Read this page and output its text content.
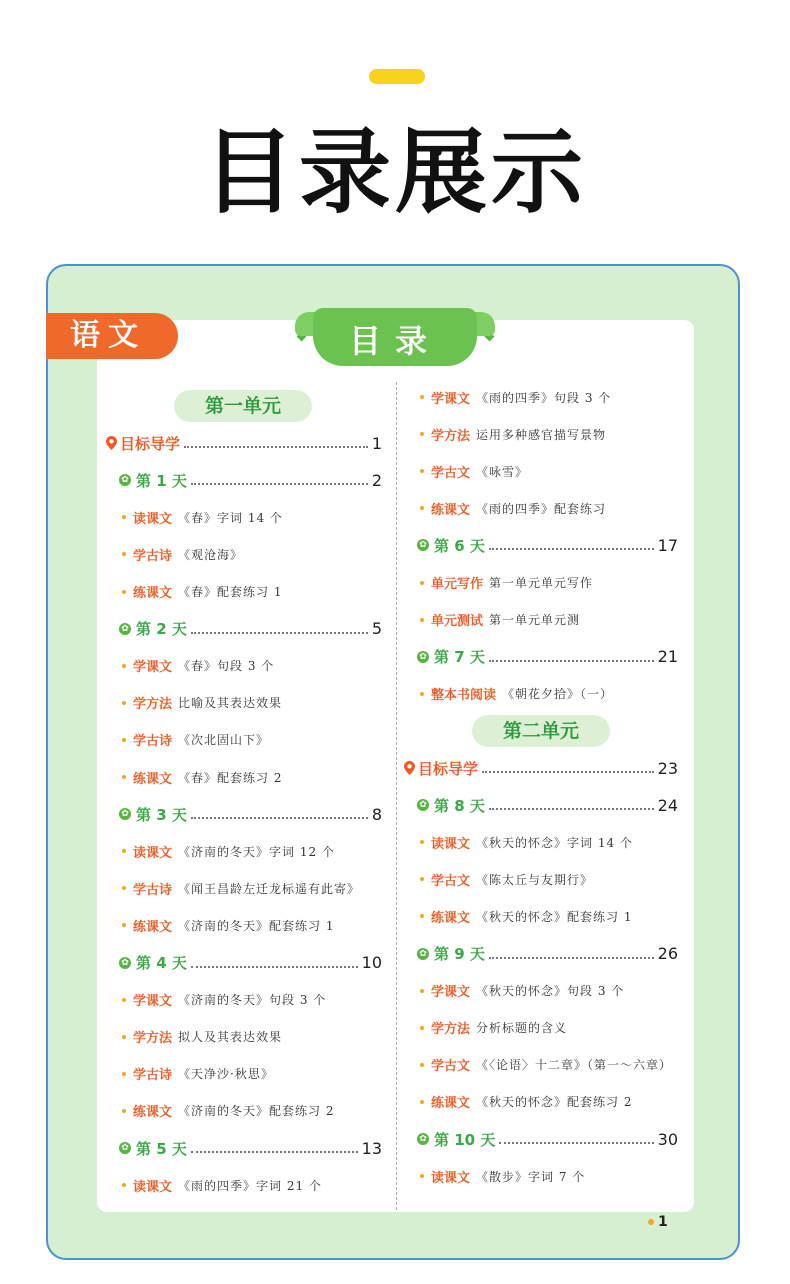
目录展示
语文	目录
第一单元
目标导学	1
✿ 第 1 天	2
读课文 《春》字词 14 个
学古诗 《观沧海》
练课文 《春》配套练习 1
✿ 第 2 天	5
学课文 《春》句段 3 个
学方法 比喻及其表达效果
学古诗 《次北固山下》
练课文 《春》配套练习 2
✿ 第 3 天	8
读课文 《济南的冬天》字词 12 个
学古诗 《闻王昌龄左迁龙标遥有此寄》
练课文 《济南的冬天》配套练习 1
✿ 第 4 天	10
学课文 《济南的冬天》句段 3 个
学方法 拟人及其表达效果
学古诗 《天净沙·秋思》
练课文 《济南的冬天》配套练习 2
✿ 第 5 天	13
读课文 《雨的四季》字词 21 个
学课文 《雨的四季》句段 3 个
学方法 运用多种感官描写景物
学古文 《咏雪》
练课文 《雨的四季》配套练习
✿ 第 6 天	17
单元写作 第一单元单元写作
单元测试 第一单元单元测
✿ 第 7 天	21
整本书阅读 《朝花夕拾》（一）
第二单元
目标导学	23
✿ 第 8 天	24
读课文 《秋天的怀念》字词 14 个
学古文 《陈太丘与友期行》
练课文 《秋天的怀念》配套练习 1
✿ 第 9 天	26
学课文 《秋天的怀念》句段 3 个
学方法 分析标题的含义
学古文 《〈论语〉十二章》（第一～六章）
练课文 《秋天的怀念》配套练习 2
✿ 第 10 天	30
读课文 《散步》字词 7 个
1
